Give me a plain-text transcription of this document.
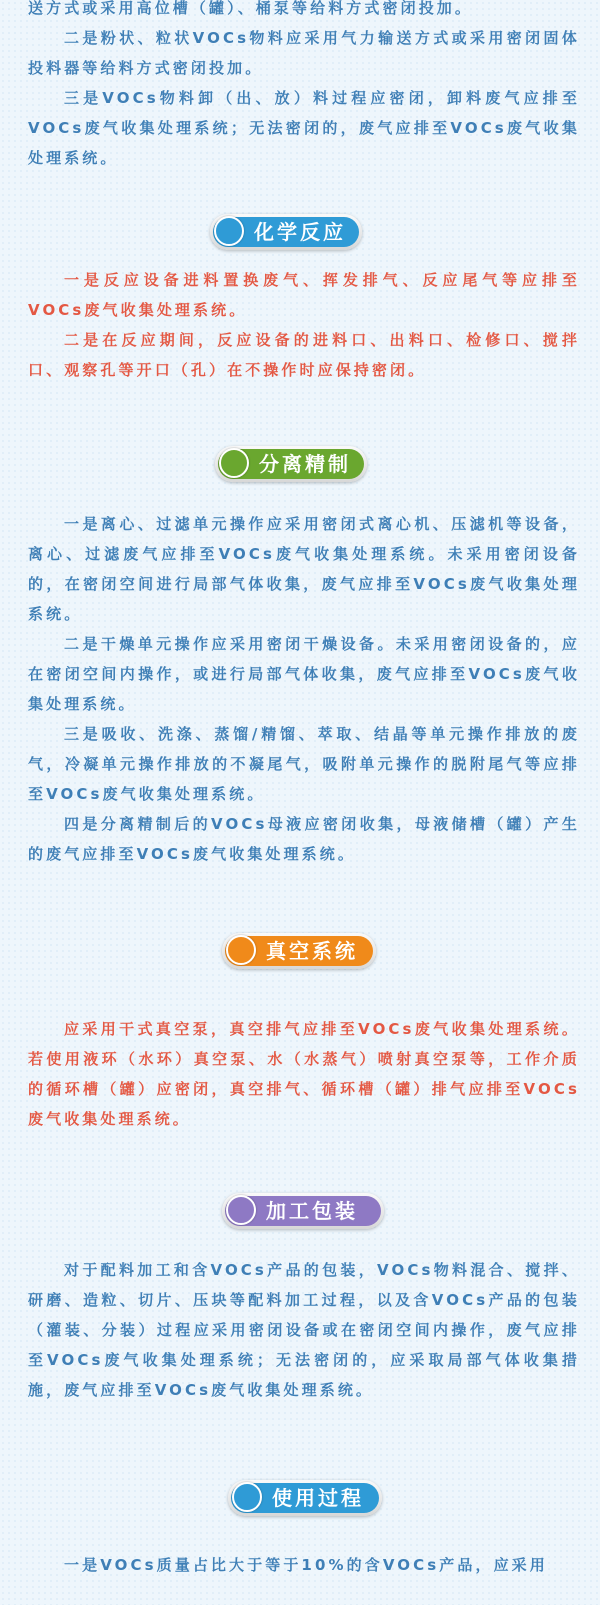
送方式或采用高位槽（罐）、桶泵等给料方式密闭投加。

二是粉状、粒状VOCs物料应采用气力输送方式或采用密闭固体投料器等给料方式密闭投加。

三是VOCs物料卸（出、放）料过程应密闭，卸料废气应排至VOCs废气收集处理系统；无法密闭的，废气应排至VOCs废气收集处理系统。

化学反应

一是反应设备进料置换废气、挥发排气、反应尾气等应排至 VOCs废气收集处理系统。

二是在反应期间，反应设备的进料口、出料口、检修口、搅拌口、观察孔等开口（孔）在不操作时应保持密闭。

分离精制

一是离心、过滤单元操作应采用密闭式离心机、压滤机等设备，离心、过滤废气应排至VOCs废气收集处理系统。未采用密闭设备的，在密闭空间进行局部气体收集，废气应排至VOCs废气收集处理系统。

二是干燥单元操作应采用密闭干燥设备。未采用密闭设备的，应在密闭空间内操作，或进行局部气体收集，废气应排至VOCs废气收集处理系统。

三是吸收、洗涤、蒸馏/精馏、萃取、结晶等单元操作排放的废气，冷凝单元操作排放的不凝尾气，吸附单元操作的脱附尾气等应排至VOCs废气收集处理系统。

四是分离精制后的VOCs母液应密闭收集，母液储槽（罐）产生的废气应排至VOCs废气收集处理系统。

真空系统

应采用干式真空泵，真空排气应排至VOCs废气收集处理系统。若使用液环（水环）真空泵、水（水蒸气）喷射真空泵等，工作介质的循环槽（罐）应密闭，真空排气、循环槽（罐）排气应排至VOCs废气收集处理系统。

加工包装

对于配料加工和含VOCs产品的包装，VOCs物料混合、搅拌、研磨、造粒、切片、压块等配料加工过程，以及含VOCs产品的包装（灌装、分装）过程应采用密闭设备或在密闭空间内操作，废气应排至VOCs废气收集处理系统；无法密闭的，应采取局部气体收集措施，废气应排至VOCs废气收集处理系统。

使用过程

一是VOCs质量占比大于等于10%的含VOCs产品，应采用
